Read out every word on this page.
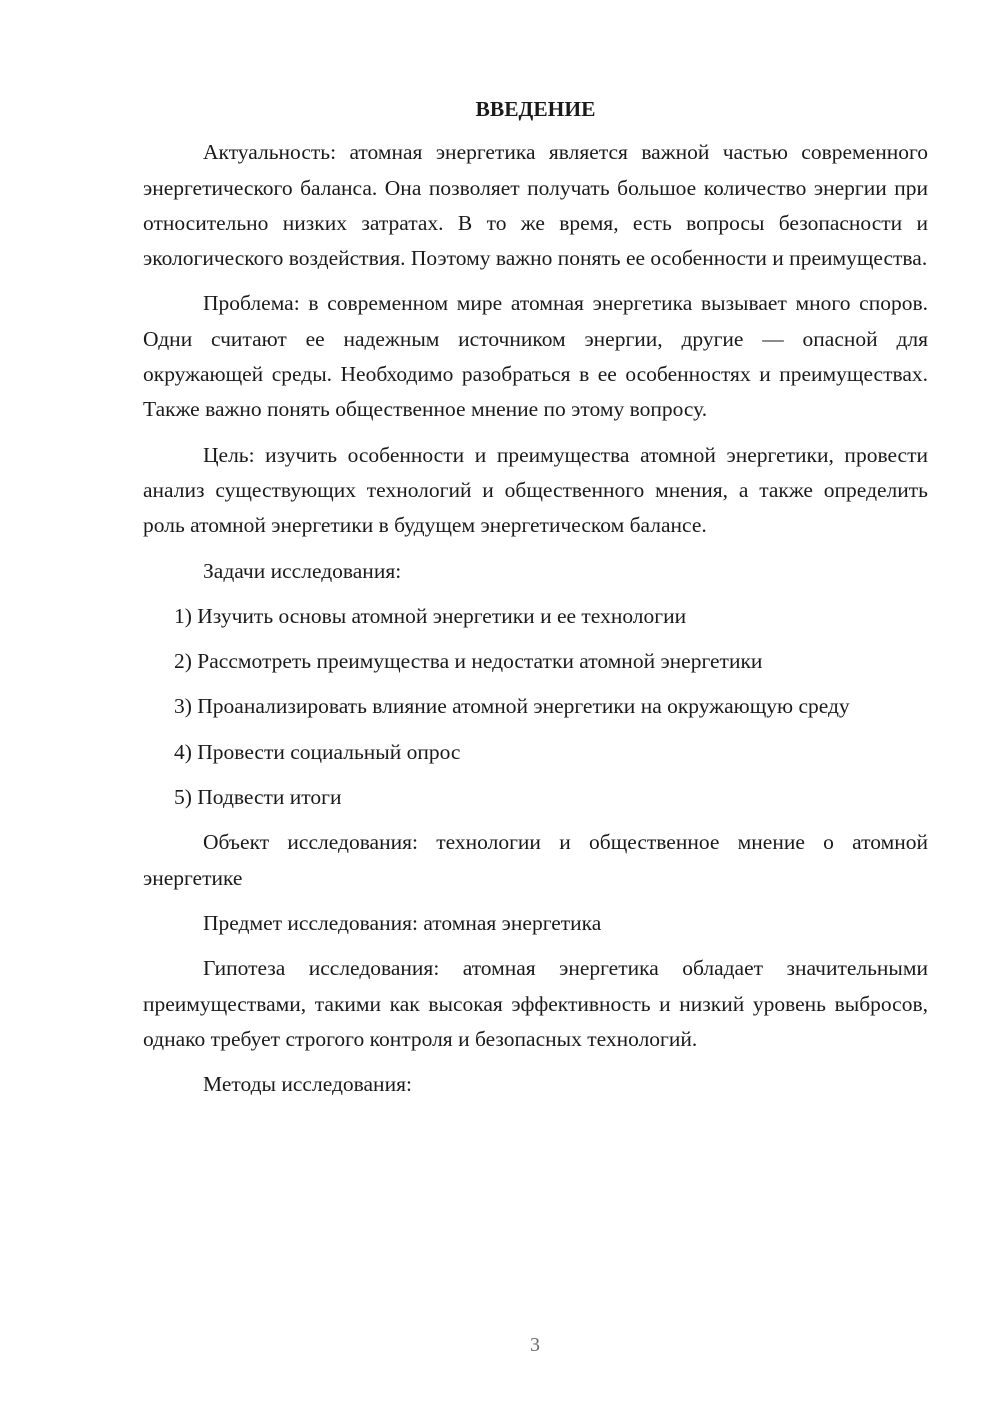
ВВЕДЕНИЕ

Актуальность: атомная энергетика является важной частью современного энергетического баланса. Она позволяет получать большое количество энергии при относительно низких затратах. В то же время, есть вопросы безопасности и экологического воздействия. Поэтому важно понять ее особенности и преимущества.

Проблема: в современном мире атомная энергетика вызывает много споров. Одни считают ее надежным источником энергии, другие — опасной для окружающей среды. Необходимо разобраться в ее особенностях и преимуществах. Также важно понять общественное мнение по этому вопросу.

Цель: изучить особенности и преимущества атомной энергетики, провести анализ существующих технологий и общественного мнения, а также определить роль атомной энергетики в будущем энергетическом балансе.

Задачи исследования:

1) Изучить основы атомной энергетики и ее технологии

2) Рассмотреть преимущества и недостатки атомной энергетики

3) Проанализировать влияние атомной энергетики на окружающую среду

4) Провести социальный опрос

5) Подвести итоги

Объект исследования: технологии и общественное мнение о атомной энергетике

Предмет исследования: атомная энергетика

Гипотеза исследования: атомная энергетика обладает значительными преимуществами, такими как высокая эффективность и низкий уровень выбросов, однако требует строгого контроля и безопасных технологий.

Методы исследования:

3
